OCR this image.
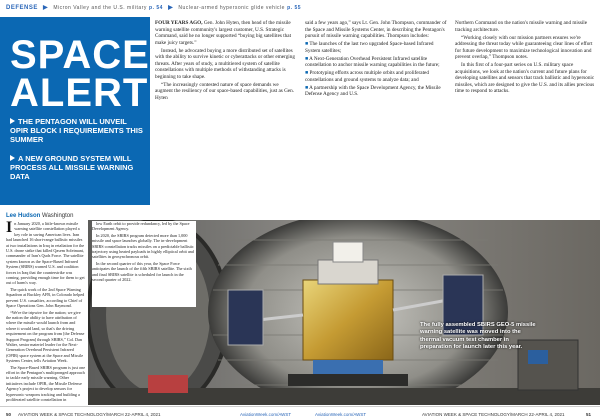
DEFENSE ▶ Micron Valley and the U.S. military p. 54 ▶ Nuclear-armed hypersonic glide vehicle p. 55
SPACE
ALERT
THE PENTAGON WILL UNVEIL OPIR BLOCK I REQUIREMENTS THIS SUMMER
A NEW GROUND SYSTEM WILL PROCESS ALL MISSILE WARNING DATA

FOUR YEARS AGO, Gen. John Hyten, then head of the missile warning satellite community's largest customer, U.S. Strategic Command, said he no longer supported “buying big satellites that make juicy targets.”

Instead, he advocated buying a more distributed set of satellites with the ability to survive kinetic or cyberattacks or other emerging threats. After years of study, a multitiered system of satellite constellations with multiple methods of withstanding attacks is beginning to take shape.

“The increasingly contested nature of space demands we augment the resiliency of our space-based capabilities, just as Gen. Hyten

said a few years ago,” says Lt. Gen. John Thompson, commander of the Space and Missile Systems Center, in describing the Pentagon's pursuit of missile warning capabilities. Thompson includes:

■ The launches of the last two upgraded Space-based Infrared System satellites;

■ A Next-Generation Overhead Persistent Infrared satellite constellation to anchor missile warning capabilities in the future;

■ Prototyping efforts across multiple orbits and proliferated constellations and ground systems to analyze data; and

■ A partnership with the Space Development Agency, the Missile Defense Agency and U.S.

Northern Command on the nation's missile warning and missile tracking architecture.

“Working closely with our mission partners ensures we're addressing the threat today while guaranteeing clear lines of effort for future development to maximize technological innovation and prevent overlap,” Thompson notes.

In this first of a four-part series on U.S. military space acquisitions, we look at the nation's current and future plans for developing satellites and sensors that track ballistic and hypersonic missiles, which are designed to give the U.S. and its allies precious time to respond to attacks.

Lee Hudson Washington

In January 2020, a little-known missile warning satellite constellation played a key role in saving American lives. Iran had launched 16 short-range ballistic missiles at two installations in Iraq in retaliation for the U.S. drone strike that killed Qasem Soleimani, commander of Iran's Quds Force. The satellite system known as the Space-Based Infrared System (SBIRS) warned U.S. and coalition forces in Iraq that the counterstrike was coming, providing enough time for them to get out of harm's way.

The quick work of the 2nd Space Warning Squadron at Buckley AFB, in Colorado helped prevent U.S. casualties, according to Chief of Space Operations Gen. John Raymond.

“We're the tripwire for the nation; we give the nation the ability to have attribution of where the missile would launch from and where it would land, so that's the driving requirement on the program from [the Defense Support Program] through SBIRS,” Col. Dan Walter, senior materiel leader for the Next-Generation Overhead Persistent Infrared (OPIR) space system at the Space and Missile Systems Center, tells Aviation Week.

The Space-Based SBIRS program is just one effort in the Pentagon's multipronged approach to tackle early missile warning. Other initiatives include OPIR, the Missile Defense Agency's project to develop sensors for hypersonic weapons tracking and building a proliferated satellite constellation in

low Earth orbit to provide redundancy, led by the Space Development Agency.

In 2020, the SBIRS program detected more than 1,000 missile and space launches globally. The in-development SBIRS constellation tracks missiles on a predictable ballistic trajectory using heated payloads in highly elliptical orbit and satellites in geosynchronous orbit.

In the second quarter of this year, the Space Force anticipates the launch of the fifth SBIRS satellite. The sixth and final SBIRS satellite is scheduled for launch in the second quarter of 2022.

The fully assembled SBIRS GEO-5 missile warning satellite was moved into the thermal vacuum test chamber in preparation for launch later this year.
50 AVIATION WEEK & SPACE TECHNOLOGY/MARCH 22-APRIL 4, 2021	AviationWeek.com/AWST	AviationWeek.com/AWST	AVIATION WEEK & SPACE TECHNOLOGY/MARCH 22-APRIL 4, 2021	51
